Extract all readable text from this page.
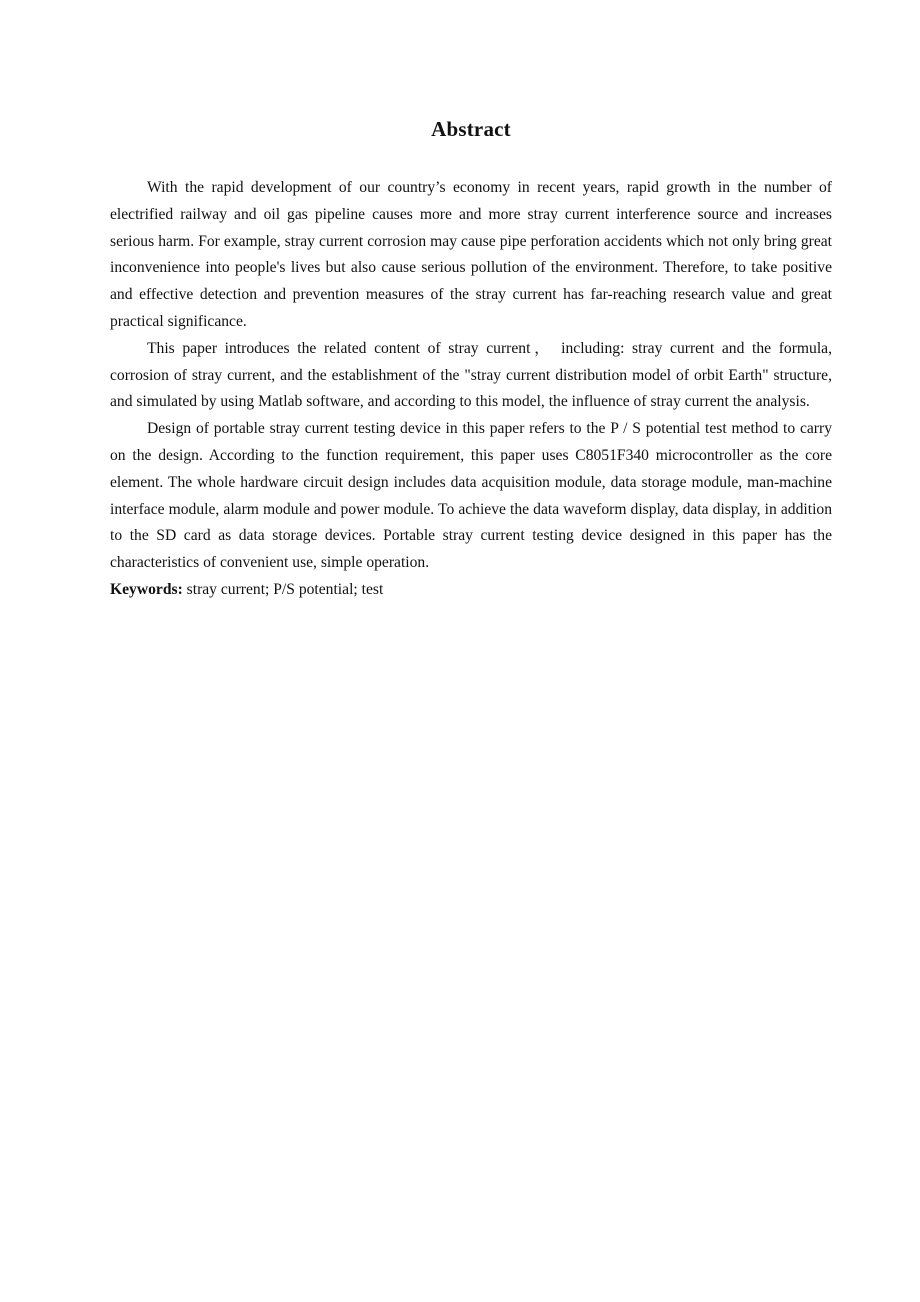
Abstract

With the rapid development of our country’s economy in recent years, rapid growth in the number of electrified railway and oil gas pipeline causes more and more stray current interference source and increases serious harm. For example, stray current corrosion may cause pipe perforation accidents which not only bring great inconvenience into people's lives but also cause serious pollution of the environment. Therefore, to take positive and effective detection and prevention measures of the stray current has far-reaching research value and great practical significance.

This paper introduces the related content of stray current， including: stray current and the formula, corrosion of stray current, and the establishment of the "stray current distribution model of orbit Earth" structure, and simulated by using Matlab software, and according to this model, the influence of stray current the analysis.

Design of portable stray current testing device in this paper refers to the P / S potential test method to carry on the design. According to the function requirement, this paper uses C8051F340 microcontroller as the core element. The whole hardware circuit design includes data acquisition module, data storage module, man-machine interface module, alarm module and power module. To achieve the data waveform display, data display, in addition to the SD card as data storage devices. Portable stray current testing device designed in this paper has the characteristics of convenient use, simple operation.

Keywords: stray current; P/S potential; test
